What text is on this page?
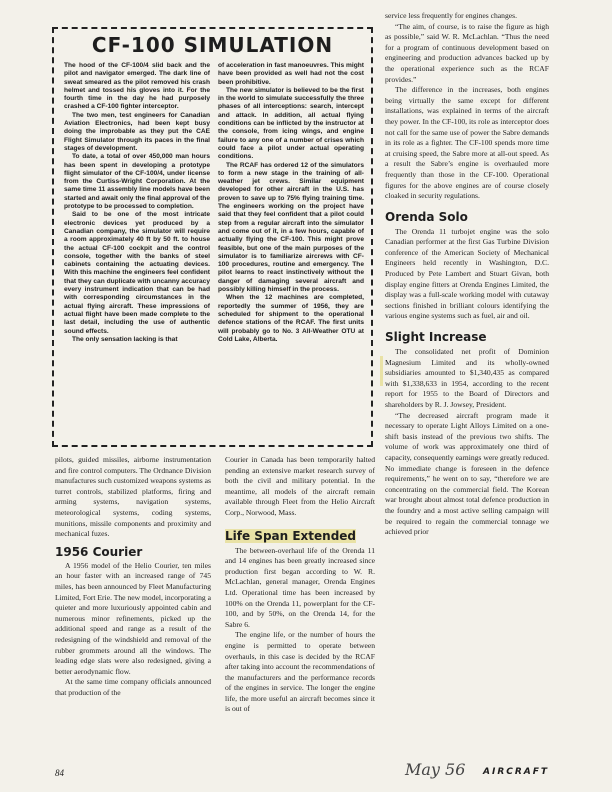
CF-100 SIMULATION

The hood of the CF-100/4 slid back and the pilot and navigator emerged. The dark line of sweat smeared as the pilot removed his crash helmet and tossed his gloves into it. For the fourth time in the day he had purposely crashed a CF-100 fighter interceptor.

The two men, test engineers for Canadian Aviation Electronics, had been kept busy doing the improbable as they put the CAE Flight Simulator through its paces in the final stages of development.

To date, a total of over 450,000 man hours has been spent in developing a prototype flight simulator of the CF-100/4, under license from the Curtiss-Wright Corporation. At the same time 11 assembly line models have been started and await only the final approval of the prototype to be processed to completion.

Said to be one of the most intricate electronic devices yet produced by a Canadian company, the simulator will require a room approximately 40 ft by 50 ft. to house the actual CF-100 cockpit and the control console, together with the banks of steel cabinets containing the actuating devices. With this machine the engineers feel confident that they can duplicate with uncanny accuracy every instrument indication that can be had with corresponding circumstances in the actual flying aircraft. These impressions of actual flight have been made complete to the last detail, including the use of authentic sound effects.

The only sensation lacking is that

of acceleration in fast manoeuvres. This might have been provided as well had not the cost been prohibitive.

The new simulator is believed to be the first in the world to simulate successfully the three phases of all interceptions: search, intercept and attack. In addition, all actual flying conditions can be inflicted by the instructor at the console, from icing wings, and engine failure to any one of a number of crises which could face a pilot under actual operating conditions.

The RCAF has ordered 12 of the simulators to form a new stage in the training of all-weather jet crews. Similar equipment developed for other aircraft in the U.S. has proven to save up to 75% flying training time. The engineers working on the project have said that they feel confident that a pilot could step from a regular aircraft into the simulator and come out of it, in a few hours, capable of actually flying the CF-100. This might prove feasible, but one of the main purposes of the simulator is to familiarize aircrews with CF-100 procedures, routine and emergency. The pilot learns to react instinctively without the danger of damaging several aircraft and possibly killing himself in the process.

When the 12 machines are completed, reportedly the summer of 1956, they are scheduled for shipment to the operational defence stations of the RCAF. The first units will probably go to No. 3 All-Weather OTU at Cold Lake, Alberta.

pilots, guided missiles, airborne instrumentation and fire control computers. The Ordnance Division manufactures such customized weapons systems as turret controls, stabilized platforms, firing and arming systems, navigation systems, meteorological systems, coding systems, munitions, missile components and proximity and mechanical fuzes.

1956 Courier

A 1956 model of the Helio Courier, ten miles an hour faster with an increased range of 745 miles, has been announced by Fleet Manufacturing Limited, Fort Erie. The new model, incorporating a quieter and more luxuriously appointed cabin and numerous minor refinements, picked up the additional speed and range as a result of the redesigning of the windshield and removal of the rubber grommets around all the windows. The leading edge slats were also redesigned, giving a better aerodynamic flow.

At the same time company officials announced that production of the

Courier in Canada has been temporarily halted pending an extensive market research survey of both the civil and military potential. In the meantime, all models of the aircraft remain available through Fleet from the Helio Aircraft Corp., Norwood, Mass.

Life Span Extended

The between-overhaul life of the Orenda 11 and 14 engines has been greatly increased since production first began according to W. R. McLachlan, general manager, Orenda Engines Ltd. Operational time has been increased by 100% on the Orenda 11, powerplant for the CF-100, and by 50%, on the Orenda 14, for the Sabre 6.

The engine life, or the number of hours the engine is permitted to operate between overhauls, in this case is decided by the RCAF after taking into account the recommendations of the manufacturers and the performance records of the engines in service. The longer the engine life, the more useful an aircraft becomes since it is out of

service less frequently for engines changes.

“The aim, of course, is to raise the figure as high as possible,” said W. R. McLachlan. “Thus the need for a program of continuous development based on engineering and production advances backed up by the operational experience such as the RCAF provides.”

The difference in the increases, both engines being virtually the same except for different installations, was explained in terms of the aircraft they power. In the CF-100, its role as interceptor does not call for the same use of power the Sabre demands in its role as a fighter. The CF-100 spends more time at cruising speed, the Sabre more at all-out speed. As a result the Sabre’s engine is overhauled more frequently than those in the CF-100. Operational figures for the above engines are of course closely cloaked in security regulations.

Orenda Solo

The Orenda 11 turbojet engine was the solo Canadian performer at the first Gas Turbine Division conference of the American Society of Mechanical Engineers held recently in Washington, D.C. Produced by Pete Lambert and Stuart Givan, both display engine fitters at Orenda Engines Limited, the display was a full-scale working model with cutaway sections finished in brilliant colours identifying the various engine systems such as fuel, air and oil.

Slight Increase

The consolidated net profit of Dominion Magnesium Limited and its wholly-owned subsidiaries amounted to $1,340,435 as compared with $1,338,633 in 1954, according to the recent report for 1955 to the Board of Directors and shareholders by R. J. Jowsey, President.

“The decreased aircraft program made it necessary to operate Light Alloys Limited on a one-shift basis instead of the previous two shifts. The volume of work was approximately one third of capacity, consequently earnings were greatly reduced. No immediate change is foreseen in the defence requirements,” he went on to say, “therefore we are concentrating on the commercial field. The Korean war brought about almost total defence production in the foundry and a most active selling campaign will be required to regain the commercial tonnage we achieved prior

84	May 56 AIRCRAFT
